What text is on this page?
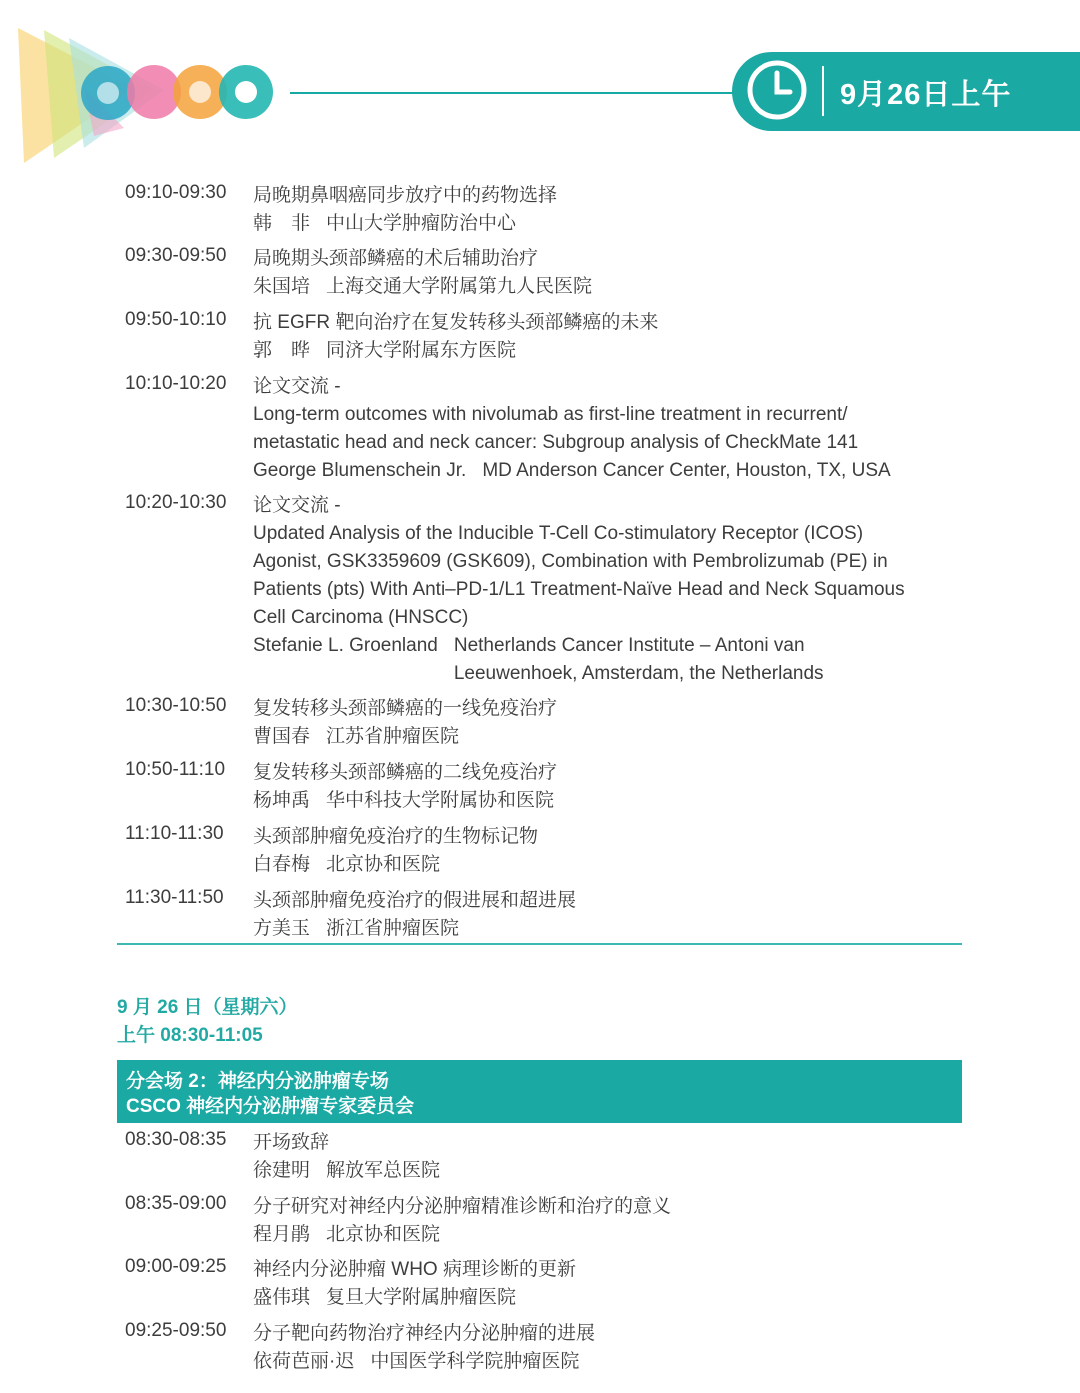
9月26日上午
09:10-09:30 局晚期鼻咽癌同步放疗中的药物选择
韩　非 中山大学肿瘤防治中心
09:30-09:50 局晚期头颈部鳞癌的术后辅助治疗
朱国培 上海交通大学附属第九人民医院
09:50-10:10 抗 EGFR 靶向治疗在复发转移头颈部鳞癌的未来
郭　晔 同济大学附属东方医院
10:10-10:20 论文交流 -
Long-term outcomes with nivolumab as first-line treatment in recurrent/
metastatic head and neck cancer: Subgroup analysis of CheckMate 141
George Blumenschein Jr. MD Anderson Cancer Center, Houston, TX, USA
10:20-10:30 论文交流 -
Updated Analysis of the Inducible T-Cell Co-stimulatory Receptor (ICOS)
Agonist, GSK3359609 (GSK609), Combination with Pembrolizumab (PE) in
Patients (pts) With Anti–PD-1/L1 Treatment-Naïve Head and Neck Squamous
Cell Carcinoma (HNSCC)
Stefanie L. Groenland Netherlands Cancer Institute – Antoni van
Leeuwenhoek, Amsterdam, the Netherlands
10:30-10:50 复发转移头颈部鳞癌的一线免疫治疗
曹国春 江苏省肿瘤医院
10:50-11:10 复发转移头颈部鳞癌的二线免疫治疗
杨坤禹 华中科技大学附属协和医院
11:10-11:30 头颈部肿瘤免疫治疗的生物标记物
白春梅 北京协和医院
11:30-11:50 头颈部肿瘤免疫治疗的假进展和超进展
方美玉 浙江省肿瘤医院
9 月 26 日（星期六）
上午 08:30-11:05
分会场 2：神经内分泌肿瘤专场
CSCO 神经内分泌肿瘤专家委员会
08:30-08:35 开场致辞
徐建明 解放军总医院
08:35-09:00 分子研究对神经内分泌肿瘤精准诊断和治疗的意义
程月鹃 北京协和医院
09:00-09:25 神经内分泌肿瘤 WHO 病理诊断的更新
盛伟琪 复旦大学附属肿瘤医院
09:25-09:50 分子靶向药物治疗神经内分泌肿瘤的进展
依荷芭丽·迟 中国医学科学院肿瘤医院
